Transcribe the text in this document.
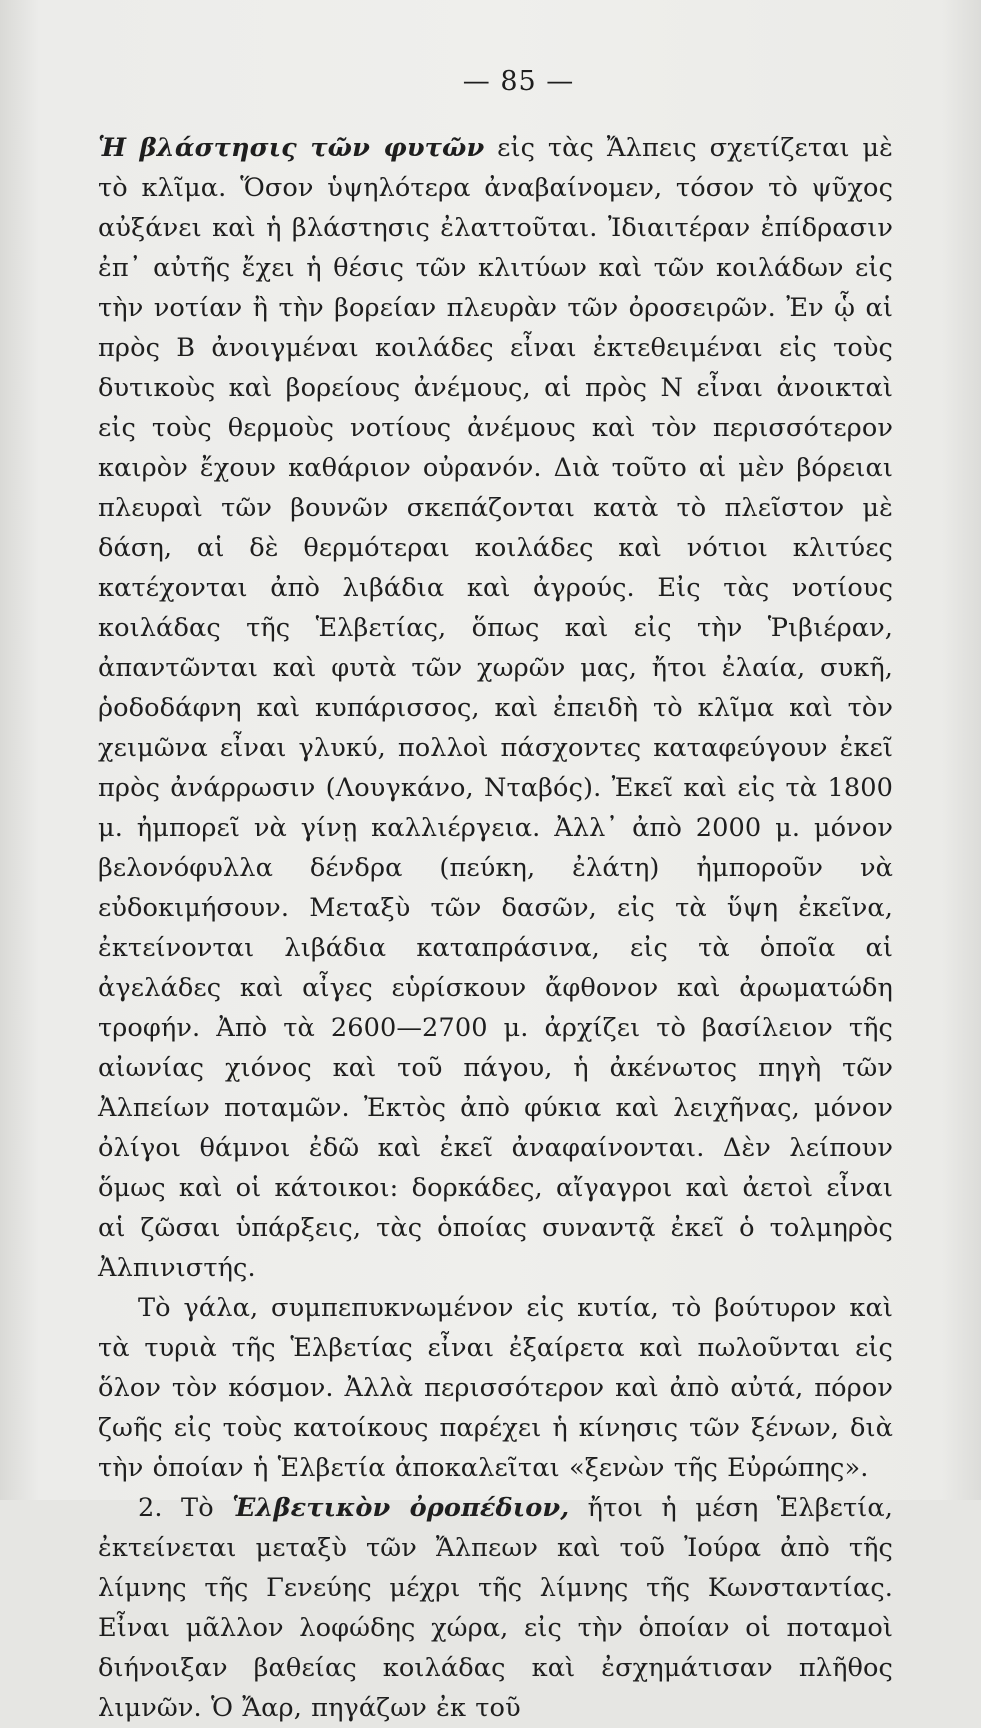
— 85 —

Ἡ βλάστησις τῶν φυτῶν εἰς τὰς Ἄλπεις σχετίζεται μὲ τὸ κλῖμα. Ὅσον ὑψηλότερα ἀναβαίνομεν, τόσον τὸ ψῦχος αὐξάνει καὶ ἡ βλάστησις ἐλαττοῦται. Ἰδιαιτέραν ἐπίδρασιν ἐπ᾽ αὐτῆς ἔχει ἡ θέσις τῶν κλιτύων καὶ τῶν κοιλάδων εἰς τὴν νοτίαν ἢ τὴν βορείαν πλευρὰν τῶν ὀροσειρῶν. Ἐν ᾧ αἱ πρὸς Β ἀνοιγμέναι κοιλάδες εἶναι ἐκτεθειμέναι εἰς τοὺς δυτικοὺς καὶ βορείους ἀνέμους, αἱ πρὸς Ν εἶναι ἀνοικταὶ εἰς τοὺς θερμοὺς νοτίους ἀνέμους καὶ τὸν περισσότερον καιρὸν ἔχουν καθάριον οὐρανόν. Διὰ τοῦτο αἱ μὲν βόρειαι πλευραὶ τῶν βουνῶν σκεπάζονται κατὰ τὸ πλεῖστον μὲ δάση, αἱ δὲ θερμότεραι κοιλάδες καὶ νότιοι κλιτύες κατέχονται ἀπὸ λιβάδια καὶ ἀγρούς. Εἰς τὰς νοτίους κοιλάδας τῆς Ἑλβετίας, ὅπως καὶ εἰς τὴν Ῥιβιέραν, ἀπαντῶνται καὶ φυτὰ τῶν χωρῶν μας, ἤτοι ἐλαία, συκῆ, ῥοδοδάφνη καὶ κυπάρισσος, καὶ ἐπειδὴ τὸ κλῖμα καὶ τὸν χειμῶνα εἶναι γλυκύ, πολλοὶ πάσχοντες καταφεύγουν ἐκεῖ πρὸς ἀνάρρωσιν (Λουγκάνο, Νταβός). Ἐκεῖ καὶ εἰς τὰ 1800 μ. ἠμπορεῖ νὰ γίνῃ καλλιέργεια. Ἀλλ᾽ ἀπὸ 2000 μ. μόνον βελονόφυλλα δένδρα (πεύκη, ἐλάτη) ἠμποροῦν νὰ εὐδοκιμήσουν. Μεταξὺ τῶν δασῶν, εἰς τὰ ὕψη ἐκεῖνα, ἐκτείνονται λιβάδια καταπράσινα, εἰς τὰ ὁποῖα αἱ ἀγελάδες καὶ αἶγες εὑρίσκουν ἄφθονον καὶ ἀρωματώδη τροφήν. Ἀπὸ τὰ 2600—2700 μ. ἀρχίζει τὸ βασίλειον τῆς αἰωνίας χιόνος καὶ τοῦ πάγου, ἡ ἀκένωτος πηγὴ τῶν Ἀλπείων ποταμῶν. Ἐκτὸς ἀπὸ φύκια καὶ λειχῆνας, μόνον ὀλίγοι θάμνοι ἐδῶ καὶ ἐκεῖ ἀναφαίνονται. Δὲν λείπουν ὅμως καὶ οἱ κάτοικοι: δορκάδες, αἴγαγροι καὶ ἀετοὶ εἶναι αἱ ζῶσαι ὑπάρξεις, τὰς ὁποίας συναντᾷ ἐκεῖ ὁ τολμηρὸς Ἀλπινιστής.

Τὸ γάλα, συμπεπυκνωμένον εἰς κυτία, τὸ βούτυρον καὶ τὰ τυριὰ τῆς Ἑλβετίας εἶναι ἐξαίρετα καὶ πωλοῦνται εἰς ὅλον τὸν κόσμον. Ἀλλὰ περισσότερον καὶ ἀπὸ αὐτά, πόρον ζωῆς εἰς τοὺς κατοίκους παρέχει ἡ κίνησις τῶν ξένων, διὰ τὴν ὁποίαν ἡ Ἑλβετία ἀποκαλεῖται «ξενὼν τῆς Εὐρώπης».

2. Τὸ Ἑλβετικὸν ὀροπέδιον, ἤτοι ἡ μέση Ἑλβετία, ἐκτείνεται μεταξὺ τῶν Ἄλπεων καὶ τοῦ Ἰούρα ἀπὸ τῆς λίμνης τῆς Γενεύης μέχρι τῆς λίμνης τῆς Κωνσταντίας. Εἶναι μᾶλλον λοφώδης χώρα, εἰς τὴν ὁποίαν οἱ ποταμοὶ διήνοιξαν βαθείας κοιλάδας καὶ ἐσχημάτισαν πλῆθος λιμνῶν. Ὁ Ἄαρ, πηγάζων ἐκ τοῦ
